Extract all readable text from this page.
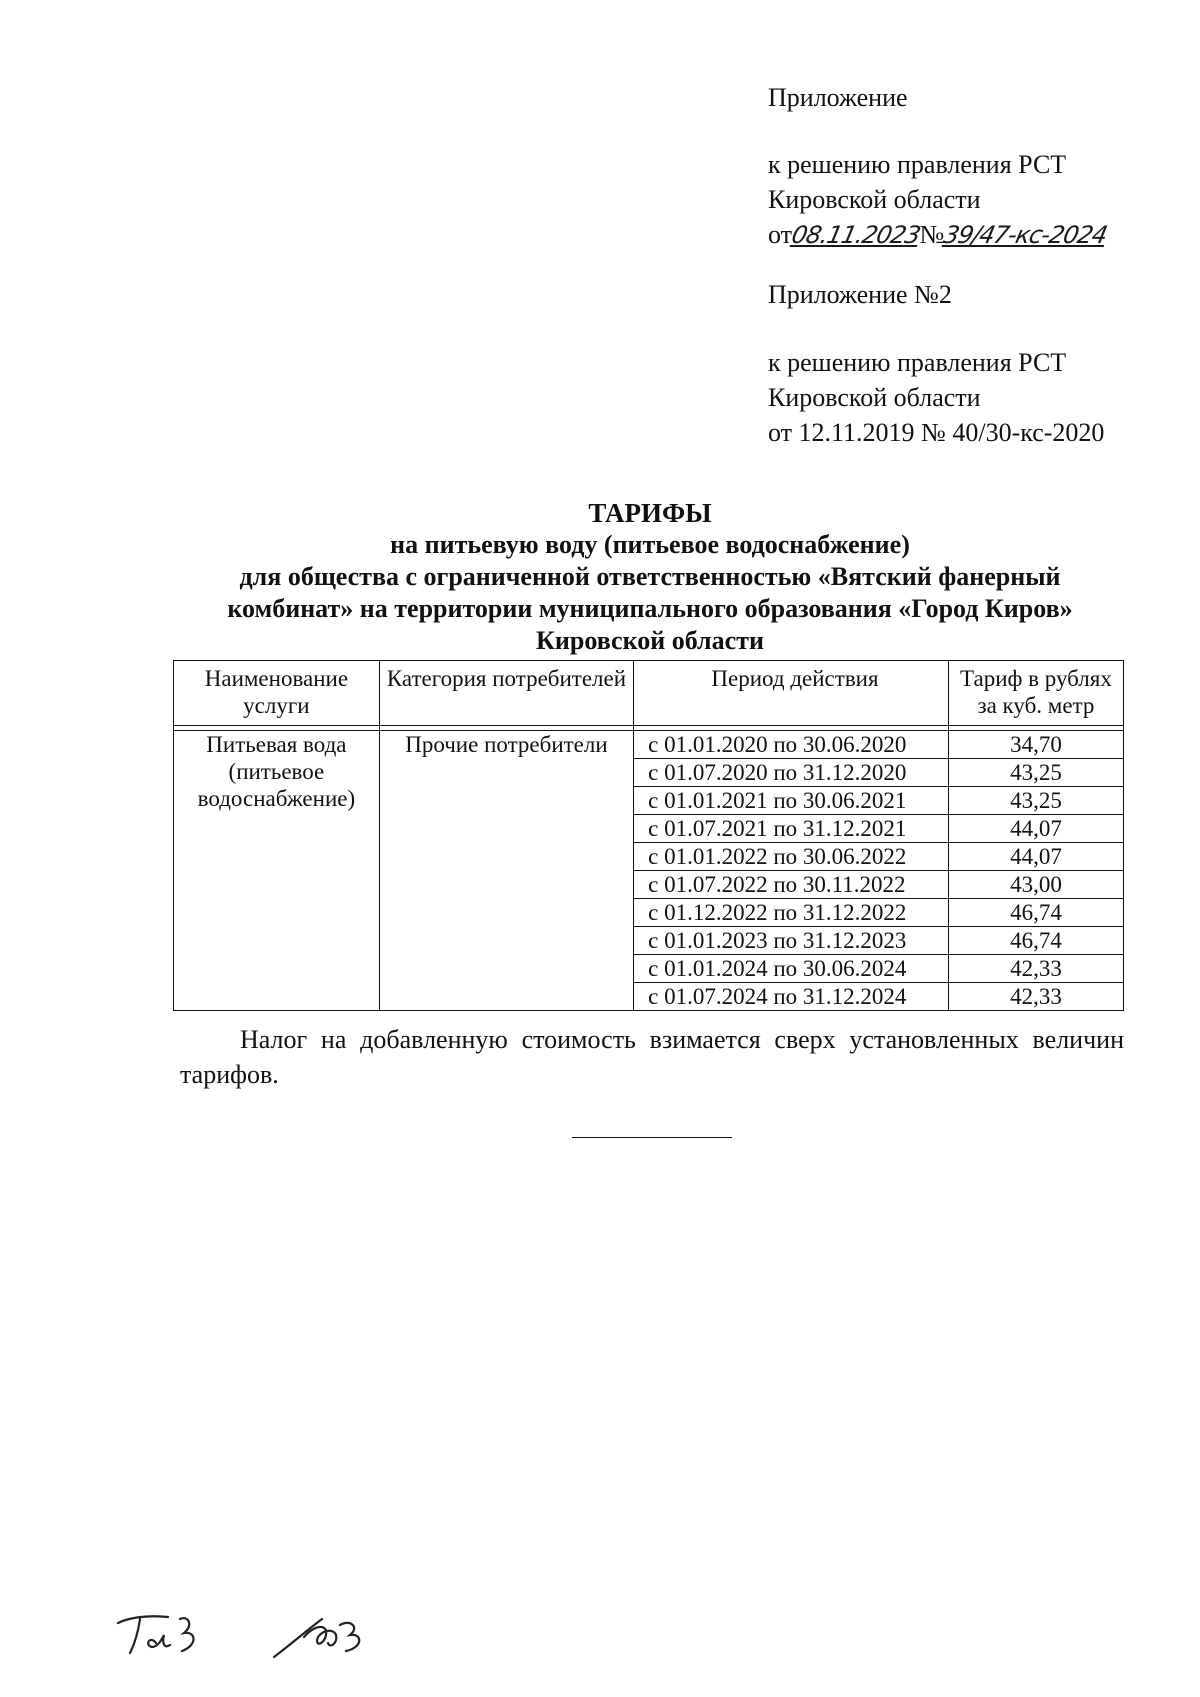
Приложение
к решению правления РСТ
Кировской области
от08.11.2023№39/47-кс-2024
Приложение №2
к решению правления РСТ
Кировской области
от 12.11.2019 № 40/30-кс-2020
ТАРИФЫ
на питьевую воду (питьевое водоснабжение)
для общества с ограниченной ответственностью «Вятский фанерный
комбинат» на территории муниципального образования «Город Киров»
Кировской области
Наименование услуги	Категория потребителей	Период действия	Тариф в рублях за куб. метр

Питьевая вода (питьевое водоснабжение)	Прочие потребители	с 01.01.2020 по 30.06.2020	34,70
		с 01.07.2020 по 31.12.2020	43,25
		с 01.01.2021 по 30.06.2021	43,25
		с 01.07.2021 по 31.12.2021	44,07
		с 01.01.2022 по 30.06.2022	44,07
		с 01.07.2022 по 30.11.2022	43,00
		с 01.12.2022 по 31.12.2022	46,74
		с 01.01.2023 по 31.12.2023	46,74
		с 01.01.2024 по 30.06.2024	42,33
		с 01.07.2024 по 31.12.2024	42,33
Налог на добавленную стоимость взимается сверх установленных величин тарифов.
